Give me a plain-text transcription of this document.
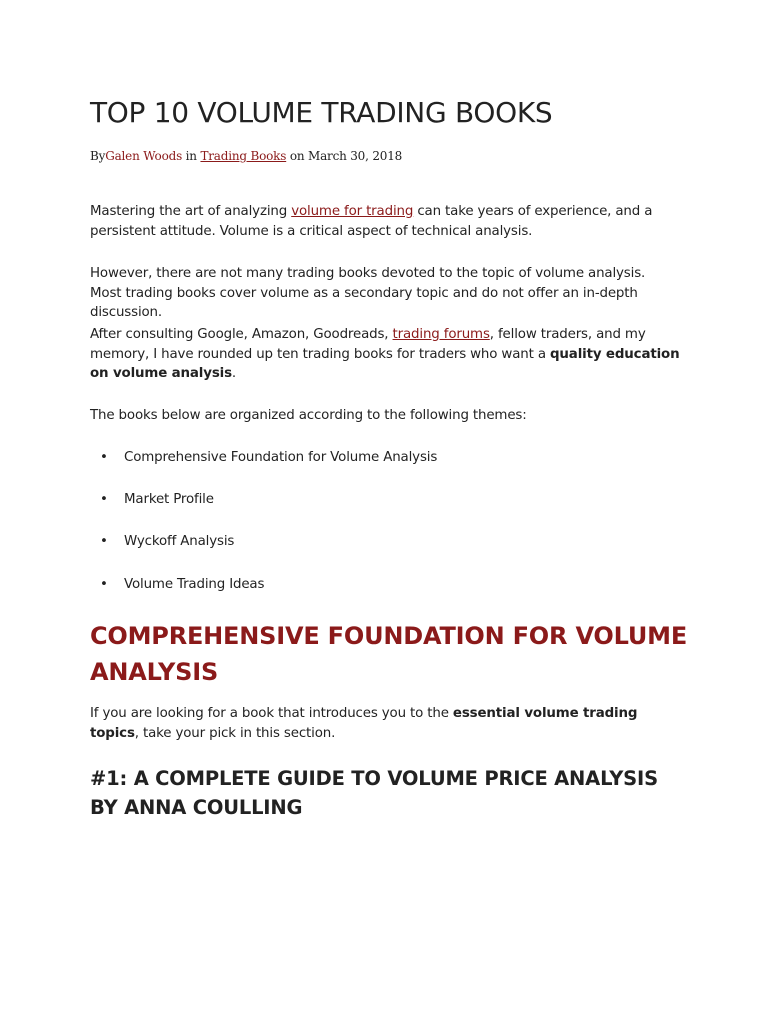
TOP 10 VOLUME TRADING BOOKS
ByGalen Woods in Trading Books on March 30, 2018

Mastering the art of analyzing volume for trading can take years of experience, and a persistent attitude. Volume is a critical aspect of technical analysis.

However, there are not many trading books devoted to the topic of volume analysis. Most trading books cover volume as a secondary topic and do not offer an in-depth discussion.

After consulting Google, Amazon, Goodreads, trading forums, fellow traders, and my memory, I have rounded up ten trading books for traders who want a quality education on volume analysis.

The books below are organized according to the following themes:

• Comprehensive Foundation for Volume Analysis
• Market Profile
• Wyckoff Analysis
• Volume Trading Ideas
COMPREHENSIVE FOUNDATION FOR VOLUME ANALYSIS

If you are looking for a book that introduces you to the essential volume trading topics, take your pick in this section.

#1: A COMPLETE GUIDE TO VOLUME PRICE ANALYSIS BY ANNA COULLING
